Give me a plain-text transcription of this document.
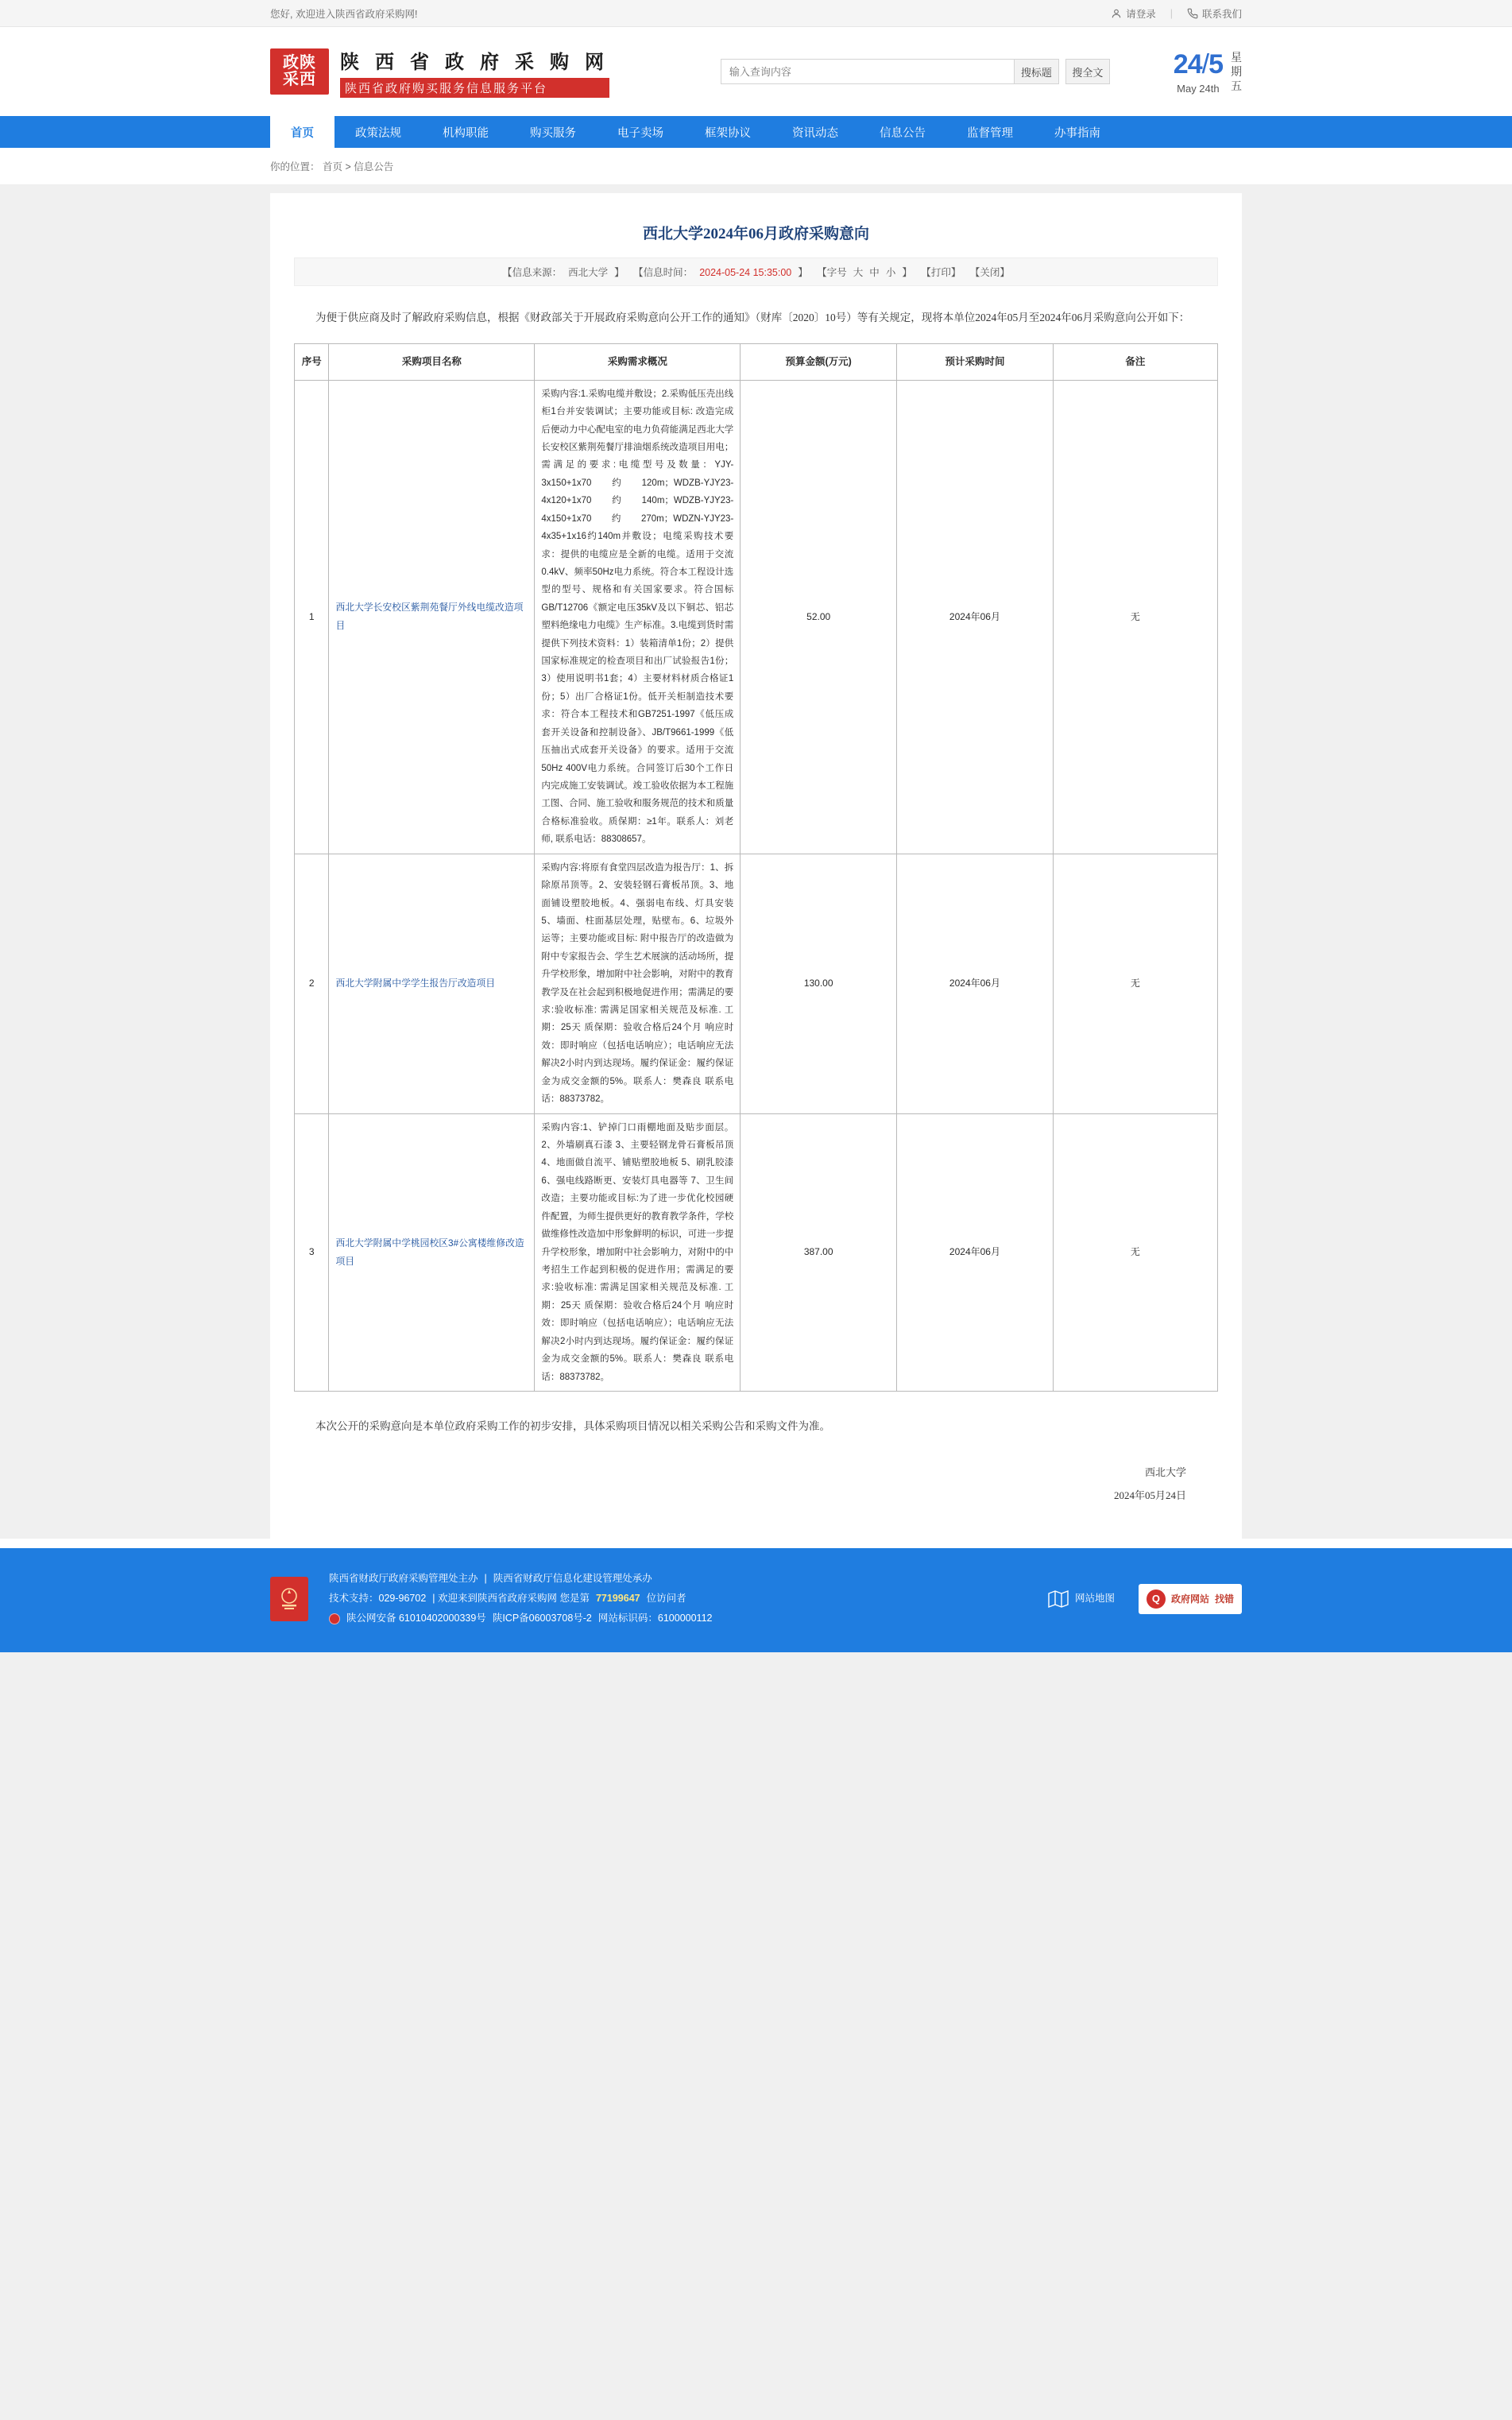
您好, 欢迎进入陕西省政府采购网!	请登录 |	联系我们
政陕
采西
陕 西 省 政 府 采 购 网
陕西省政府购买服务信息服务平台
输入查询内容
搜标题	搜全文	24/5
May 24th
星
期
五
首页	政策法规	机构职能	购买服务	电子卖场	框架协议	资讯动态	信息公告	监督管理	办事指南
你的位置： 首页 > 信息公告
西北大学2024年06月政府采购意向
【信息来源： 西北大学 】 【信息时间： 2024-05-24 15:35:00 】 【字号 大 中 小 】 【打印】 【关闭】

为便于供应商及时了解政府采购信息，根据《财政部关于开展政府采购意向公开工作的通知》（财库〔2020〕10号）等有关规定，现将本单位2024年05月至2024年06月采购意向公开如下：

序号	采购项目名称	采购需求概况	预算金额(万元)	预计采购时间	备注
1	西北大学长安校区紫荆苑餐厅外线电缆改造项目	采购内容:1.采购电缆并敷设；2.采购低压壳出线柜1台并安装调试；主要功能或目标: 改造完成后便动力中心配电室的电力负荷能满足西北大学长安校区紫荆苑餐厅排油烟系统改造项目用电；需满足的要求:电缆型号及数量：YJY-3x150+1x70约120m；WDZB-YJY23-4x120+1x70约140m；WDZB-YJY23-4x150+1x70约270m；WDZN-YJY23-4x35+1x16约140m并敷设；电缆采购技术要求：提供的电缆应是全新的电缆。适用于交流0.4kV、频率50Hz电力系统。符合本工程设计选型的型号、规格和有关国家要求。符合国标GB/T12706《额定电压35kV及以下铜芯、铝芯塑料绝缘电力电缆》生产标准。3.电缆到货时需提供下列技术资料：1）装箱清单1份；2）提供国家标准规定的检查项目和出厂试验报告1份；3）使用说明书1套；4）主要材料材质合格证1份；5）出厂合格证1份。低开关柜制造技术要求：符合本工程技术和GB7251-1997《低压成套开关设备和控制设备》、JB/T9661-1999《低压抽出式成套开关设备》的要求。适用于交流50Hz 400V电力系统。合同签订后30个工作日内完成施工安装调试。竣工验收依据为本工程施工图、合同、施工验收和服务规范的技术和质量合格标准验收。质保期：≥1年。联系人：刘老师, 联系电话：88308657。	52.00	2024年06月	无
2	西北大学附属中学学生报告厅改造项目	采购内容:将原有食堂四层改造为报告厅：1、拆除原吊顶等。2、安装轻钢石膏板吊顶。3、地面铺设塑胶地板。4、强弱电布线、灯具安装 5、墙面、柱面基层处理，贴壁布。6、垃圾外运等；主要功能或目标: 附中报告厅的改造做为附中专家报告会、学生艺术展演的活动场所，提升学校形象，增加附中社会影响，对附中的教育教学及在社会起到积极地促进作用；需满足的要求:验收标准: 需满足国家相关规范及标准. 工期：25天 质保期：验收合格后24个月 响应时效：即时响应（包括电话响应）；电话响应无法解决2小时内到达现场。履约保证金：履约保证金为成交金额的5%。联系人：樊森良 联系电话：88373782。	130.00	2024年06月	无
3	西北大学附属中学桃园校区3#公寓楼维修改造项目	采购内容:1、铲掉门口雨棚地面及贴步面层。2、外墙刷真石漆 3、主要轻钢龙骨石膏板吊顶 4、地面做自流平、铺贴塑胶地板 5、刷乳胶漆 6、强电线路断更、安装灯具电器等 7、卫生间改造；主要功能或目标:为了进一步优化校园硬件配置，为师生提供更好的教育教学条件，学校做维修性改造加中形象鲜明的标识，可进一步提升学校形象，增加附中社会影响力，对附中的中考招生工作起到积极的促进作用；需满足的要求:验收标准: 需满足国家相关规范及标准. 工期：25天 质保期：验收合格后24个月 响应时效：即时响应（包括电话响应）；电话响应无法解决2小时内到达现场。履约保证金：履约保证金为成交金额的5%。联系人：樊森良 联系电话：88373782。	387.00	2024年06月	无

本次公开的采购意向是本单位政府采购工作的初步安排，具体采购项目情况以相关采购公告和采购文件为准。

西北大学
2024年05月24日
陕西省财政厅政府采购管理处主办 | 陕西省财政厅信息化建设管理处承办
技术支持：029-96702 | 欢迎来到陕西省政府采购网 您是第 77199647 位访问者
陕公网安备 61010402000339号 陕ICP备06003708号-2 网站标识码：6100000112
网站地图	Q	政府网站 找错
